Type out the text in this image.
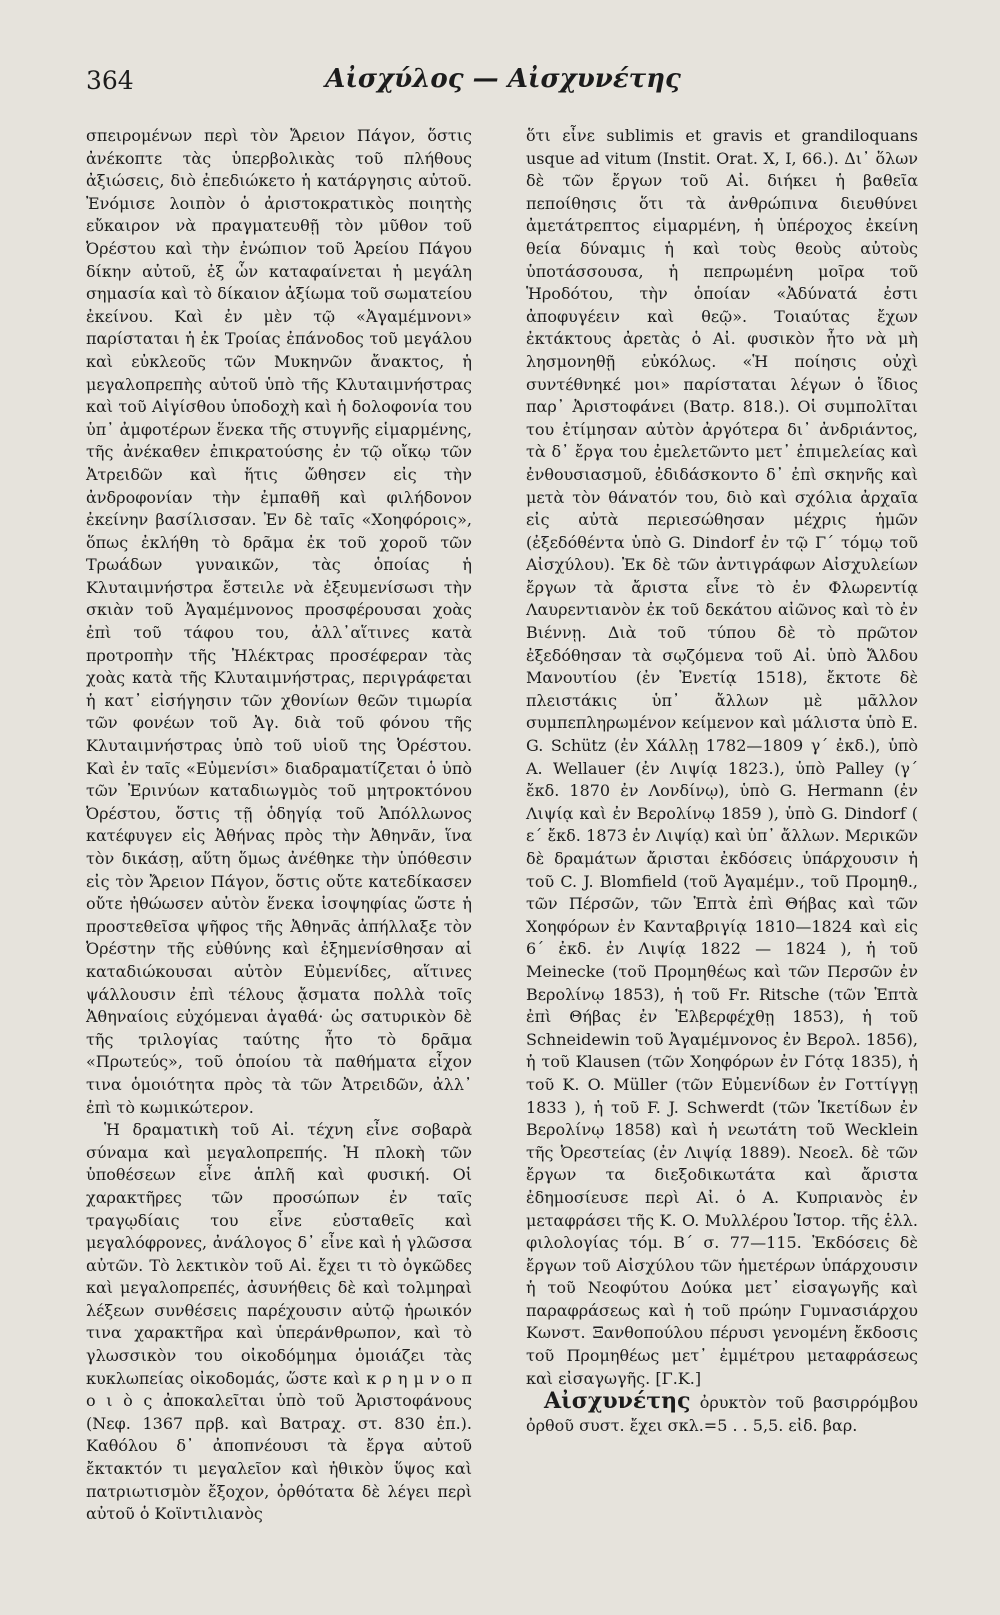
364	Αἰσχύλος — Αἰσχυνέτης

σπειρομένων περὶ τὸν Ἄρειον Πάγον, ὅστις ἀνέκοπτε τὰς ὑπερβολικὰς τοῦ πλήθους ἀξιώσεις, διὸ ἐπεδιώκετο ἡ κατάργησις αὐτοῦ. Ἐνόμισε λοιπὸν ὁ ἀριστοκρατικὸς ποιητὴς εὔκαιρον νὰ πραγματευθῇ τὸν μῦθον τοῦ Ὀρέστου καὶ τὴν ἐνώπιον τοῦ Ἀρείου Πάγου δίκην αὐτοῦ, ἐξ ὧν καταφαίνεται ἡ μεγάλη σημασία καὶ τὸ δίκαιον ἀξίωμα τοῦ σωματείου ἐκείνου. Καὶ ἐν μὲν τῷ «Ἀγαμέμνονι» παρίσταται ἡ ἐκ Τροίας ἐπάνοδος τοῦ μεγάλου καὶ εὐκλεοῦς τῶν Μυκηνῶν ἄνακτος, ἡ μεγαλοπρεπὴς αὐτοῦ ὑπὸ τῆς Κλυταιμνήστρας καὶ τοῦ Αἰγίσθου ὑποδοχὴ καὶ ἡ δολοφονία του ὑπ᾽ ἀμφοτέρων ἕνεκα τῆς στυγνῆς εἱμαρμένης, τῆς ἀνέκαθεν ἐπικρατούσης ἐν τῷ οἴκῳ τῶν Ἀτρειδῶν καὶ ἥτις ὤθησεν εἰς τὴν ἀνδροφονίαν τὴν ἐμπαθῆ καὶ φιλήδονον ἐκείνην βασίλισσαν. Ἐν δὲ ταῖς «Χοηφόροις», ὅπως ἐκλήθη τὸ δρᾶμα ἐκ τοῦ χοροῦ τῶν Τρωάδων γυναικῶν, τὰς ὁποίας ἡ Κλυταιμνήστρα ἔστειλε νὰ ἐξευμενίσωσι τὴν σκιὰν τοῦ Ἀγαμέμνονος προσφέρουσαι χοὰς ἐπὶ τοῦ τάφου του, ἀλλ᾽αἵτινες κατὰ προτροπὴν τῆς Ἠλέκτρας προσέφεραν τὰς χοὰς κατὰ τῆς Κλυταιμνήστρας, περιγράφεται ἡ κατ᾽ εἰσήγησιν τῶν χθονίων θεῶν τιμωρία τῶν φονέων τοῦ Ἀγ. διὰ τοῦ φόνου τῆς Κλυταιμνήστρας ὑπὸ τοῦ υἱοῦ της Ὀρέστου. Καὶ ἐν ταῖς «Εὐμενίσι» διαδραματίζεται ὁ ὑπὸ τῶν Ἐρινύων καταδιωγμὸς τοῦ μητροκτόνου Ὀρέστου, ὅστις τῇ ὁδηγίᾳ τοῦ Ἀπόλλωνος κατέφυγεν εἰς Ἀθήνας πρὸς τὴν Ἀθηνᾶν, ἵνα τὸν δικάσῃ, αὕτη ὅμως ἀνέθηκε τὴν ὑπόθεσιν εἰς τὸν Ἄρειον Πάγον, ὅστις οὔτε κατεδίκασεν οὔτε ἠθώωσεν αὐτὸν ἕνεκα ἰσοψηφίας ὥστε ἡ προστεθεῖσα ψῆφος τῆς Ἀθηνᾶς ἀπήλλαξε τὸν Ὀρέστην τῆς εὐθύνης καὶ ἐξημενίσθησαν αἱ καταδιώκουσαι αὐτὸν Εὐμενίδες, αἵτινες ψάλλουσιν ἐπὶ τέλους ᾄσματα πολλὰ τοῖς Ἀθηναίοις εὐχόμεναι ἀγαθά· ὡς σατυρικὸν δὲ τῆς τριλογίας ταύτης ἦτο τὸ δρᾶμα «Πρωτεύς», τοῦ ὁποίου τὰ παθήματα εἶχον τινα ὁμοιότητα πρὸς τὰ τῶν Ἀτρειδῶν, ἀλλ᾽ ἐπὶ τὸ κωμικώτερον.

Ἡ δραματικὴ τοῦ Αἰ. τέχνη εἶνε σοβαρὰ σύναμα καὶ μεγαλοπρεπής. Ἡ πλοκὴ τῶν ὑποθέσεων εἶνε ἁπλῆ καὶ φυσική. Οἱ χαρακτῆρες τῶν προσώπων ἐν ταῖς τραγῳδίαις του εἶνε εὐσταθεῖς καὶ μεγαλόφρονες, ἀνάλογος δ᾽ εἶνε καὶ ἡ γλῶσσα αὐτῶν. Τὸ λεκτικὸν τοῦ Αἰ. ἔχει τι τὸ ὀγκῶδες καὶ μεγαλοπρεπές, ἀσυνήθεις δὲ καὶ τολμηραὶ λέξεων συνθέσεις παρέχουσιν αὐτῷ ἡρωικόν τινα χαρακτῆρα καὶ ὑπεράνθρωπον, καὶ τὸ γλωσσικὸν του οἰκοδόμημα ὁμοιάζει τὰς κυκλωπείας οἰκοδομάς, ὥστε καὶ κ ρ η μ ν ο π ο ι ὸ ς ἀποκαλεῖται ὑπὸ τοῦ Ἀριστοφάνους (Νεφ. 1367 πρβ. καὶ Βατραχ. στ. 830 ἑπ.). Καθόλου δ᾽ ἀποπνέουσι τὰ ἔργα αὐτοῦ ἔκτακτόν τι μεγαλεῖον καὶ ἠθικὸν ὕψος καὶ πατριωτισμὸν ἔξοχον, ὀρθότατα δὲ λέγει περὶ αὐτοῦ ὁ Κοϊντιλιανὸς

ὅτι εἶνε sublimis et gravis et grandiloquans usque ad vitum (Instit. Orat. X, I, 66.). Δι᾽ ὅλων δὲ τῶν ἔργων τοῦ Αἰ. διήκει ἡ βαθεῖα πεποίθησις ὅτι τὰ ἀνθρώπινα διευθύνει ἀμετάτρεπτος εἱμαρμένη, ἡ ὑπέροχος ἐκείνη θεία δύναμις ἡ καὶ τοὺς θεοὺς αὐτοὺς ὑποτάσσουσα, ἡ πεπρωμένη μοῖρα τοῦ Ἡροδότου, τὴν ὁποίαν «Ἀδύνατά ἐστι ἀποφυγέειν καὶ θεῷ». Τοιαύτας ἔχων ἐκτάκτους ἀρετὰς ὁ Αἰ. φυσικὸν ἦτο νὰ μὴ λησμονηθῇ εὐκόλως. «Ἡ ποίησις οὐχὶ συντέθνηκέ μοι» παρίσταται λέγων ὁ ἴδιος παρ᾽ Ἀριστοφάνει (Βατρ. 818.). Οἱ συμπολῖται του ἐτίμησαν αὐτὸν ἀργότερα δι᾽ ἀνδριάντος, τὰ δ᾽ ἔργα του ἐμελετῶντο μετ᾽ ἐπιμελείας καὶ ἐνθουσιασμοῦ, ἐδιδάσκοντο δ᾽ ἐπὶ σκηνῆς καὶ μετὰ τὸν θάνατόν του, διὸ καὶ σχόλια ἀρχαῖα εἰς αὐτὰ περιεσώθησαν μέχρις ἡμῶν (ἐξεδόθέντα ὑπὸ G. Dindorf ἐν τῷ Γ´ τόμῳ τοῦ Αἰσχύλου). Ἐκ δὲ τῶν ἀντιγράφων Αἰσχυλείων ἔργων τὰ ἄριστα εἶνε τὸ ἐν Φλωρεντίᾳ Λαυρεντιανὸν ἐκ τοῦ δεκάτου αἰῶνος καὶ τὸ ἐν Βιέννῃ. Διὰ τοῦ τύπου δὲ τὸ πρῶτον ἐξεδόθησαν τὰ σῳζόμενα τοῦ Αἰ. ὑπὸ Ἄλδου Μανουτίου (ἐν Ἑνετίᾳ 1518), ἔκτοτε δὲ πλειστάκις ὑπ᾽ ἄλλων μὲ μᾶλλον συμπεπληρωμένον κείμενον καὶ μάλιστα ὑπὸ E. G. Schütz (ἐν Χάλλῃ 1782—1809 γ´ ἐκδ.), ὑπὸ A. Wellauer (ἐν Λιψίᾳ 1823.), ὑπὸ Palley (γ´ ἔκδ. 1870 ἐν Λονδίνῳ), ὑπὸ G. Hermann (ἐν Λιψίᾳ καὶ ἐν Βερολίνῳ 1859 ), ὑπὸ G. Dindorf ( ε´ ἔκδ. 1873 ἐν Λιψίᾳ) καὶ ὑπ᾽ ἄλλων. Μερικῶν δὲ δραμάτων ἄρισται ἐκδόσεις ὑπάρχουσιν ἡ τοῦ C. J. Blomfield (τοῦ Ἀγαμέμν., τοῦ Προμηθ., τῶν Πέρσῶν, τῶν Ἑπτὰ ἐπὶ Θήβας καὶ τῶν Χοηφόρων ἐν Κανταβριγίᾳ 1810—1824 καὶ εἰς 6´ ἐκδ. ἐν Λιψίᾳ 1822 — 1824 ), ἡ τοῦ Meinecke (τοῦ Προμηθέως καὶ τῶν Περσῶν ἐν Βερολίνῳ 1853), ἡ τοῦ Fr. Ritsche (τῶν Ἑπτὰ ἐπὶ Θήβας ἐν Ἐλβερφέχθῃ 1853), ἡ τοῦ Schneidewin τοῦ Ἀγαμέμνονος ἐν Βερολ. 1856), ἡ τοῦ Klausen (τῶν Χοηφόρων ἐν Γότᾳ 1835), ἡ τοῦ K. O. Müller (τῶν Εὐμενίδων ἐν Γοττίγγῃ 1833 ), ἡ τοῦ F. J. Schwerdt (τῶν Ἱκετίδων ἐν Βερολίνῳ 1858) καὶ ἡ νεωτάτη τοῦ Wecklein τῆς Ὀρεστείας (ἐν Λιψίᾳ 1889). Νεοελ. δὲ τῶν ἔργων τα διεξοδικωτάτα καὶ ἄριστα ἐδημοσίευσε περὶ Αἰ. ὁ Α. Κυπριανὸς ἐν μεταφράσει τῆς K. O. Μυλλέρου Ἱστορ. τῆς ἑλλ. φιλολογίας τόμ. Β´ σ. 77—115. Ἐκδόσεις δὲ ἔργων τοῦ Αἰσχύλου τῶν ἡμετέρων ὑπάρχουσιν ἡ τοῦ Νεοφύτου Δούκα μετ᾽ εἰσαγωγῆς καὶ παραφράσεως καὶ ἡ τοῦ πρώην Γυμνασιάρχου Κωνστ. Ξανθοπούλου πέρυσι γενομένη ἔκδοσις τοῦ Προμηθέως μετ᾽ ἐμμέτρου μεταφράσεως καὶ εἰσαγωγῆς. [Γ.Κ.]

Αἰσχυνέτης ὀρυκτὸν τοῦ βασιρρόμβου ὀρθοῦ συστ. ἔχει σκλ.=5 . . 5,5. εἰδ. βαρ.
